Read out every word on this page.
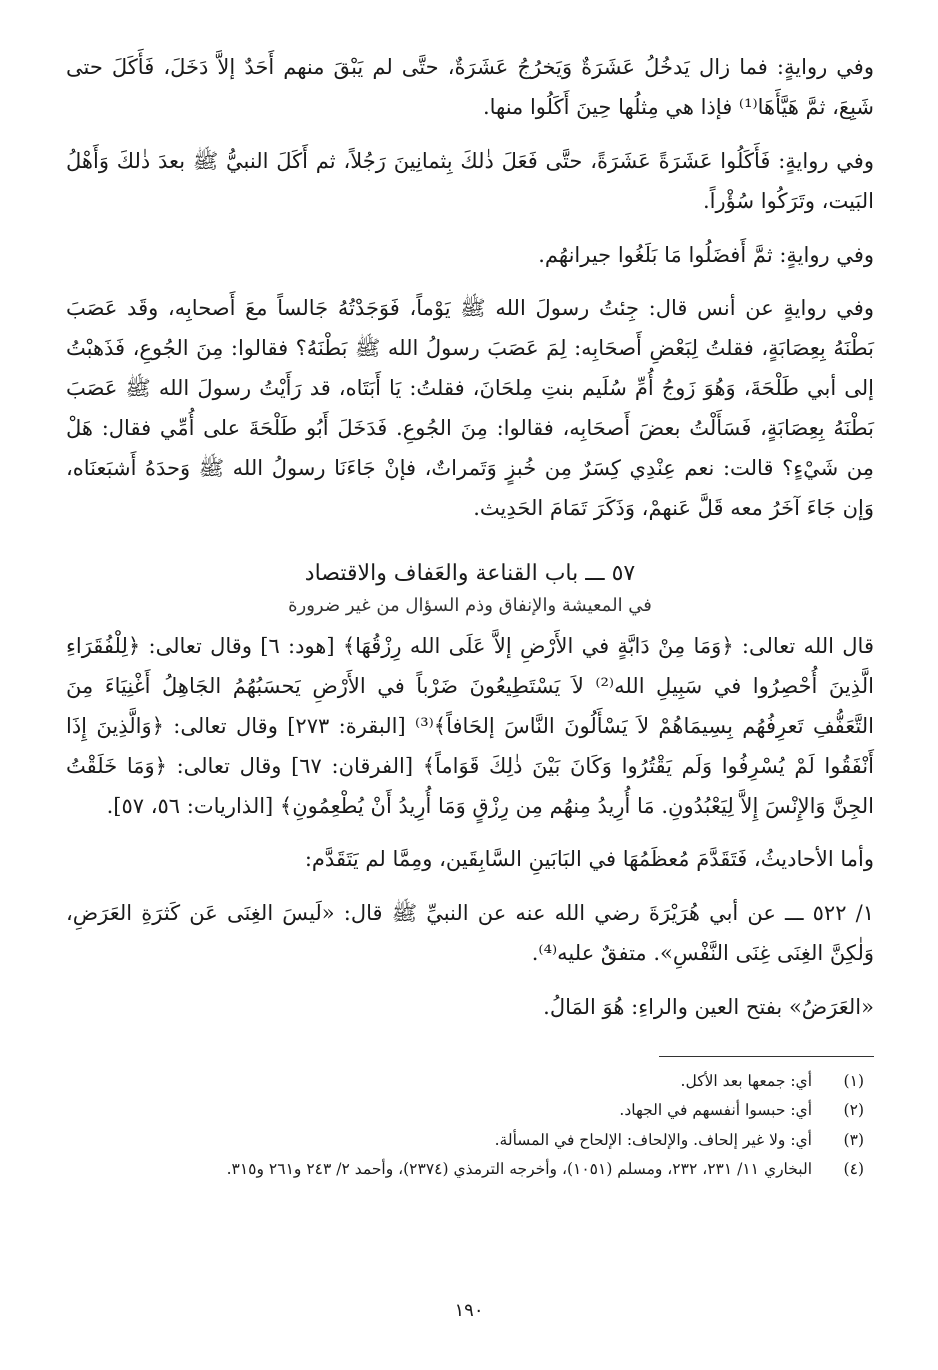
وفي روايةٍ: فما زال يَدخُلُ عَشَرَةٌ وَيَخرُجُ عَشَرَةٌ، حتَّى لم يَبْقَ منهم أَحَدٌ إلاَّ دَخَلَ، فَأَكَلَ حتى شَبِعَ، ثمَّ هَيَّأَهَا⁽¹⁾ فإذا هي مِثلُها حِينَ أَكَلُوا منها.

وفي روايةٍ: فَأَكَلُوا عَشَرَةً عَشَرَةً، حتَّى فَعَلَ ذٰلكَ بِثمانِينَ رَجُلاً، ثم أَكَلَ النبيُّ ﷺ بعدَ ذٰلكَ وَأَهْلُ البَيت، وتَرَكُوا سُؤْراً.

وفي روايةٍ: ثمَّ أَفضَلُوا مَا بَلَغُوا جيرانهُم.

وفي روايةٍ عن أنس قال: جِئتُ رسولَ الله ﷺ يَوْماً، فَوَجَدْتُهُ جَالساً معَ أَصحابِه، وقَد عَصَبَ بَطْنَهُ بِعِصَابَةٍ، فقلتُ لِبَعْضِ أَصحَابِه: لِمَ عَصَبَ رسولُ الله ﷺ بَطْنَهُ؟ فقالوا: مِنَ الجُوعِ، فَذَهبْتُ إلى أبي طَلْحَةَ، وَهُوَ زَوجُ أُمِّ سُلَيم بنتِ مِلحَانَ، فقلتُ: يَا أَبَتَاه، قد رَأَيْتُ رسولَ الله ﷺ عَصَبَ بَطْنَهُ بِعِصَابَةٍ، فَسَأَلْتُ بعضَ أَصحَابِه، فقالوا: مِنَ الجُوعِ. فَدَخَلَ أَبُو طَلْحَةَ على أُمِّي فقال: هَلْ مِن شَيْءٍ؟ قالت: نعم عِنْدِي كِسَرٌ مِن خُبزٍ وَتَمراتٌ، فإنْ جَاءَنَا رسولُ الله ﷺ وَحدَهُ أَشبَعنَاه، وَإن جَاءَ آخَرُ معه قَلَّ عَنهمْ، وَذَكَرَ تَمَامَ الحَدِيث.

٥٧ ـــ باب القناعة والعَفاف والاقتصاد
في المعيشة والإنفاق وذم السؤال من غير ضرورة

قال الله تعالى: ﴿وَمَا مِنْ دَابَّةٍ في الأَرْضِ إلاَّ عَلَى الله رِزْقُهَا﴾ [هود: ٦] وقال تعالى: ﴿لِلْفُقَرَاءِ الَّذِينَ أُحْصِرُوا في سَبِيلِ الله⁽²⁾ لاَ يَسْتَطِيعُونَ ضَرْباً في الأَرْضِ يَحسَبُهُمُ الجَاهِلُ أَغْنِيَاءَ مِنَ التَّعَفُّفِ تَعرِفُهُم بِسِيمَاهُمْ لاَ يَسْأَلُونَ النَّاسَ إلحَافاً﴾⁽³⁾ [البقرة: ٢٧٣] وقال تعالى: ﴿وَالَّذِينَ إِذَا أَنْفَقُوا لَمْ يُسْرِفُوا وَلَم يَقْتُرُوا وَكَانَ بَيْنَ ذٰلِكَ قَوَاماً﴾ [الفرقان: ٦٧] وقال تعالى: ﴿وَمَا خَلَقْتُ الجِنَّ وَالإِنْسَ إِلاَّ لِيَعْبُدُونِ. مَا أُرِيدُ مِنهُم مِن رِزْقٍ وَمَا أُرِيدُ أَنْ يُطْعِمُونِ﴾ [الذاريات: ٥٦، ٥٧].

وأما الأحاديثُ، فَتَقَدَّمَ مُعظَمُهَا في البَابَينِ السَّابِقَين، ومِمَّا لم يَتَقَدَّم:

١/ ٥٢٢ ـــ عن أبي هُرَيْرَةَ رضي الله عنه عن النبيِّ ﷺ قال: «لَيسَ الغِنَى عَن كَثرَةِ العَرَضِ، وَلٰكِنَّ الغِنَى غِنَى النَّفْسِ». متفقٌ عليه⁽⁴⁾.

«العَرَضُ» بفتح العين والراءِ: هُوَ المَالُ.

(١)
أي: جمعها بعد الأكل.
(٢)
أي: حبسوا أنفسهم في الجهاد.
(٣)
أي: ولا غير إلحاف. والإلحاف: الإلحاح في المسألة.
(٤)
البخاري ١١/ ٢٣١، ٢٣٢، ومسلم (١٠٥١)، وأخرجه الترمذي (٢٣٧٤)، وأحمد ٢/ ٢٤٣ و٢٦١ و٣١٥.
١٩٠
